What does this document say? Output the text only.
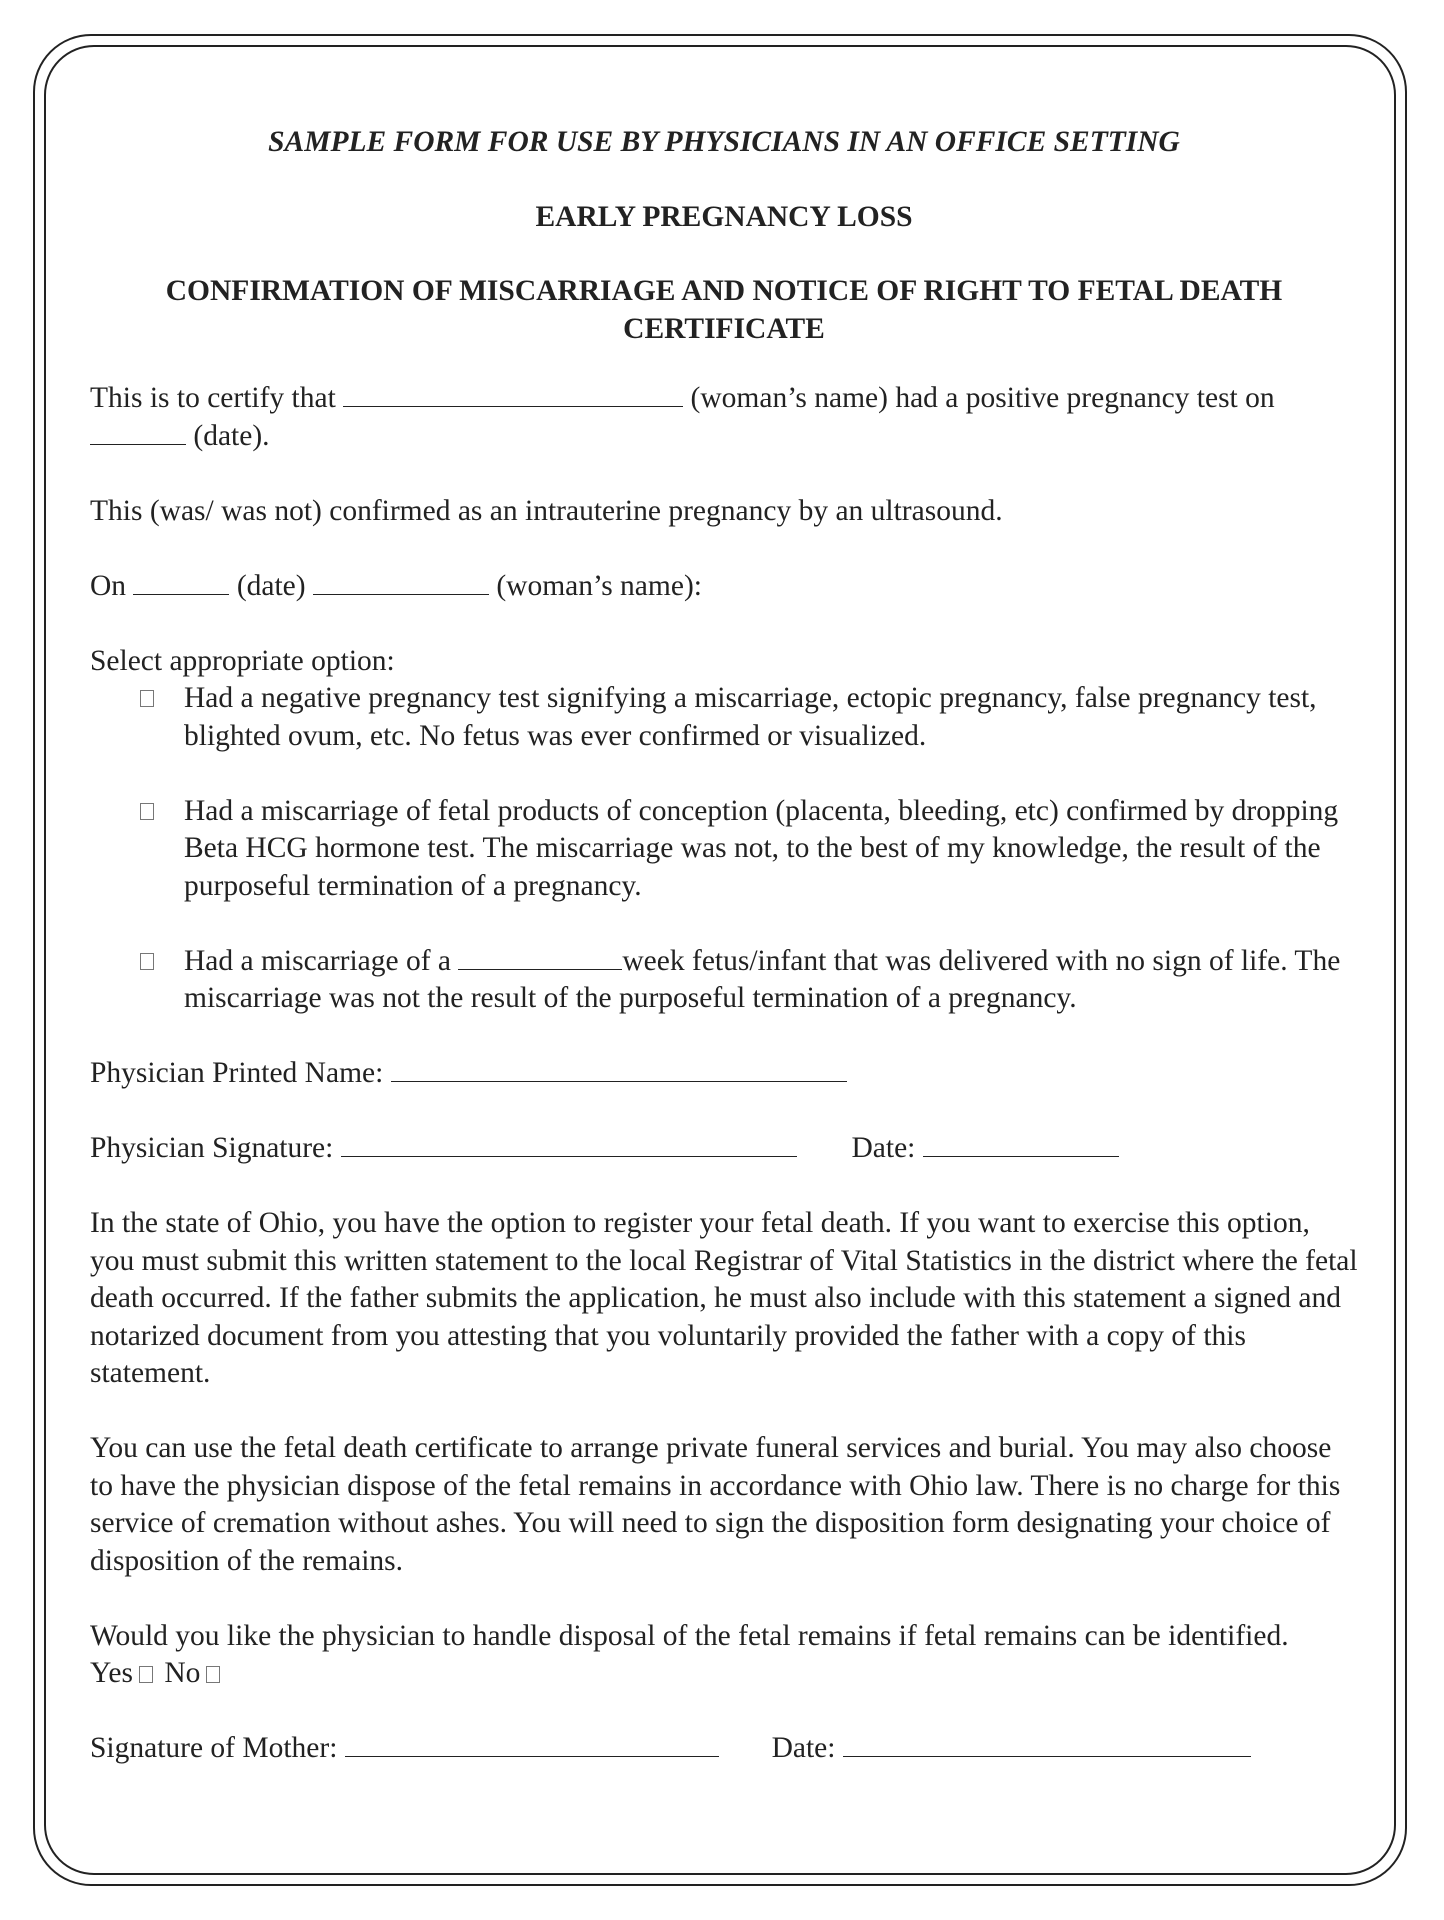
SAMPLE FORM FOR USE BY PHYSICIANS IN AN OFFICE SETTING

EARLY PREGNANCY LOSS

CONFIRMATION OF MISCARRIAGE AND NOTICE OF RIGHT TO FETAL DEATH CERTIFICATE

This is to certify that	(woman’s name) had a positive pregnancy test on  (date).

This (was/ was not) confirmed as an intrauterine pregnancy by an ultrasound.

On	(date)	(woman’s name):

Select appropriate option:

Had a negative pregnancy test signifying a miscarriage, ectopic pregnancy, false pregnancy test, blighted ovum, etc. No fetus was ever confirmed or visualized.
Had a miscarriage of fetal products of conception (placenta, bleeding, etc) confirmed by dropping Beta HCG hormone test. The miscarriage was not, to the best of my knowledge, the result of the purposeful termination of a pregnancy.
Had a miscarriage of a	week fetus/infant that was delivered with no sign of life. The miscarriage was not the result of the purposeful termination of a pregnancy.

Physician Printed Name:

Physician Signature:	Date:

In the state of Ohio, you have the option to register your fetal death. If you want to exercise this option, you must submit this written statement to the local Registrar of Vital Statistics in the district where the fetal death occurred. If the father submits the application, he must also include with this statement a signed and notarized document from you attesting that you voluntarily provided the father with a copy of this statement.

You can use the fetal death certificate to arrange private funeral services and burial. You may also choose to have the physician dispose of the fetal remains in accordance with Ohio law. There is no charge for this service of cremation without ashes. You will need to sign the disposition form designating your choice of disposition of the remains.

Would you like the physician to handle disposal of the fetal remains if fetal remains can be identified.  Yes No

Signature of Mother:	Date:
